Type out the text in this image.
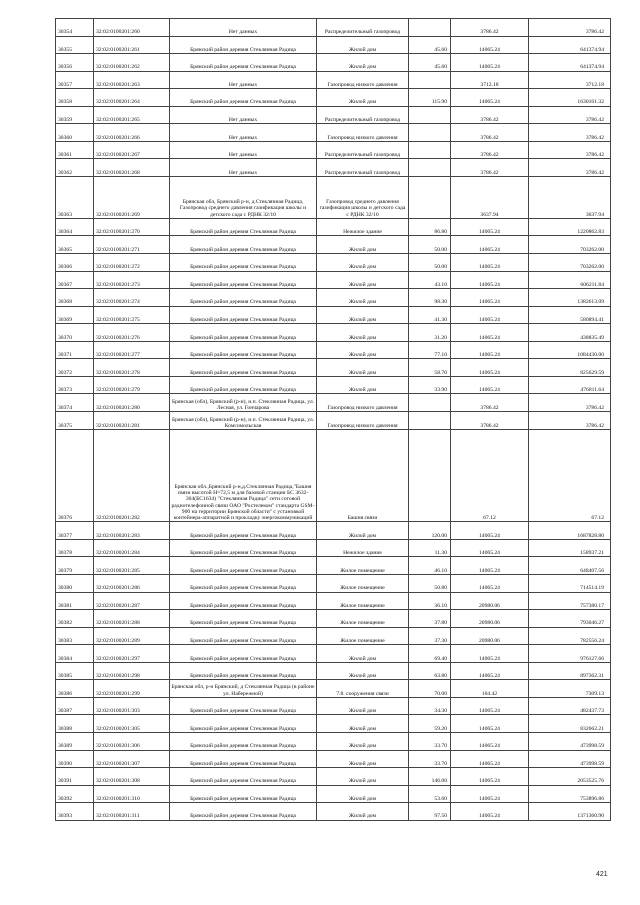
30354	32:02:0100201:260	Нет данных	Распределительный газопровод		3786.42	3786.42
30355	32:02:0100201:261	Брянский район деревня Стеклянная Радица	Жилой дом	45.60	14065.24	641374.94
30356	32:02:0100201:262	Брянский район деревня Стеклянная Радица	Жилой дом	45.60	14065.24	641374.94
30357	32:02:0100201:263	Нет данных	Газопровод низкого давления		3712.18	3712.18
30358	32:02:0100201:264	Брянский район деревня Стеклянная Радица	Жилой дом	115.90	14065.24	1630161.32
30359	32:02:0100201:265	Нет данных	Распределительный газопровод		3786.42	3786.42
30360	32:02:0100201:266	Нет данных	Газопровод низкого давления		3786.42	3786.42
30361	32:02:0100201:267	Нет данных	Распределительный газопровод		3786.42	3786.42
30362	32:02:0100201:268	Нет данных	Распределительный газопровод		3786.42	3786.42
30363	32:02:0100201:269	Брянская обл, Брянский р-н, д.Стеклянная Радица, Газопровод среднего давления газификация школы и детского сада с РДНК 32/10	Газопровод среднего давления газификация школы и детского сада с РДНК 32/10		3637.94	3637.94
30364	32:02:0100201:270	Брянский район деревня Стеклянная Радица	Нежилое здание	86.80	14065.24	1220862.83
30365	32:02:0100201:271	Брянский район деревня Стеклянная Радица	Жилой дом	50.00	14065.24	703262.00
30366	32:02:0100201:272	Брянский район деревня Стеклянная Радица	Жилой дом	50.00	14065.24	703262.00
30367	32:02:0100201:273	Брянский район деревня Стеклянная Радица	Жилой дом	43.10	14065.24	606211.84
30368	32:02:0100201:274	Брянский район деревня Стеклянная Радица	Жилой дом	98.30	14065.24	1382613.09
30369	32:02:0100201:275	Брянский район деревня Стеклянная Радица	Жилой дом	41.30	14065.24	580894.41
30370	32:02:0100201:276	Брянский район деревня Стеклянная Радица	Жилой дом	31.20	14065.24	438835.49
30371	32:02:0100201:277	Брянский район деревня Стеклянная Радица	Жилой дом	77.10	14065.24	1084430.00
30372	32:02:0100201:278	Брянский район деревня Стеклянная Радица	Жилой дом	58.70	14065.24	825629.59
30373	32:02:0100201:279	Брянский район деревня Стеклянная Радица	Жилой дом	33.90	14065.24	476811.64
30374	32:02:0100201:280	Брянская (обл), Брянский (р-н), н.п. Стеклянная Радица, ул. Лесная, ул. Гончарова	Газопровод низкого давления		3786.42	3786.42
30375	32:02:0100201:281	Брянская (обл), Брянский (р-н), н.п. Стеклянная Радица, ул. Комсомольская	Газопровод низкого давления		3786.42	3786.42
30376	32:02:0100201:282	Брянская обл.,Брянский р-н,д.Стеклянная Радица,"Башня связи высотой Н=72,5 м для базовой станции БС 3632-304(БС1634) "Стеклянная Радица" сети сотовой радиотелефонной связи ОАО "Ростелеком" стандарта GSM-900 на территории Брянской области" с установкой контейнера-аппаратной и прокладку энергокоммуникаций	Башня связи		67.12	67.12
30377	32:02:0100201:283	Брянский район деревня Стеклянная Радица	Жилой дом	120.00	14065.24	1687828.80
30378	32:02:0100201:284	Брянский район деревня Стеклянная Радица	Нежилое здание	11.30	14065.24	158937.21
30379	32:02:0100201:285	Брянский район деревня Стеклянная Радица	Жилое помещение	46.10	14065.24	648407.56
30380	32:02:0100201:286	Брянский район деревня Стеклянная Радица	Жилое помещение	50.80	14065.24	714514.19
30381	32:02:0100201:287	Брянский район деревня Стеклянная Радица	Жилое помещение	36.10	20980.06	757380.17
30382	32:02:0100201:288	Брянский район деревня Стеклянная Радица	Жилое помещение	37.80	20980.06	793046.27
30383	32:02:0100201:289	Брянский район деревня Стеклянная Радица	Жилое помещение	37.30	20980.06	782556.24
30384	32:02:0100201:297	Брянский район деревня Стеклянная Радица	Жилой дом	69.40	14065.24	976127.66
30385	32:02:0100201:298	Брянский район деревня Стеклянная Радица	Жилой дом	63.80	14065.24	897362.31
30386	32:02:0100201:299	Брянская обл, р-н Брянский, д Стеклянная Радица (в районе ул. Набережной)	7.8. сооружения связи	70.00	104.42	7309.13
30387	32:02:0100201:303	Брянский район деревня Стеклянная Радица	Жилой дом	34.30	14065.24	482437.73
30388	32:02:0100201:305	Брянский район деревня Стеклянная Радица	Жилой дом	59.20	14065.24	832662.21
30389	32:02:0100201:306	Брянский район деревня Стеклянная Радица	Жилой дом	33.70	14065.24	473998.59
30390	32:02:0100201:307	Брянский район деревня Стеклянная Радица	Жилой дом	33.70	14065.24	473998.59
30391	32:02:0100201:308	Брянский район деревня Стеклянная Радица	Жилой дом	146.00	14065.24	2053525.76
30392	32:02:0100201:310	Брянский район деревня Стеклянная Радица	Жилой дом	53.60	14065.24	753896.86
30393	32:02:0100201:311	Брянский район деревня Стеклянная Радица	Жилой дом	97.50	14065.24	1371360.90
421
